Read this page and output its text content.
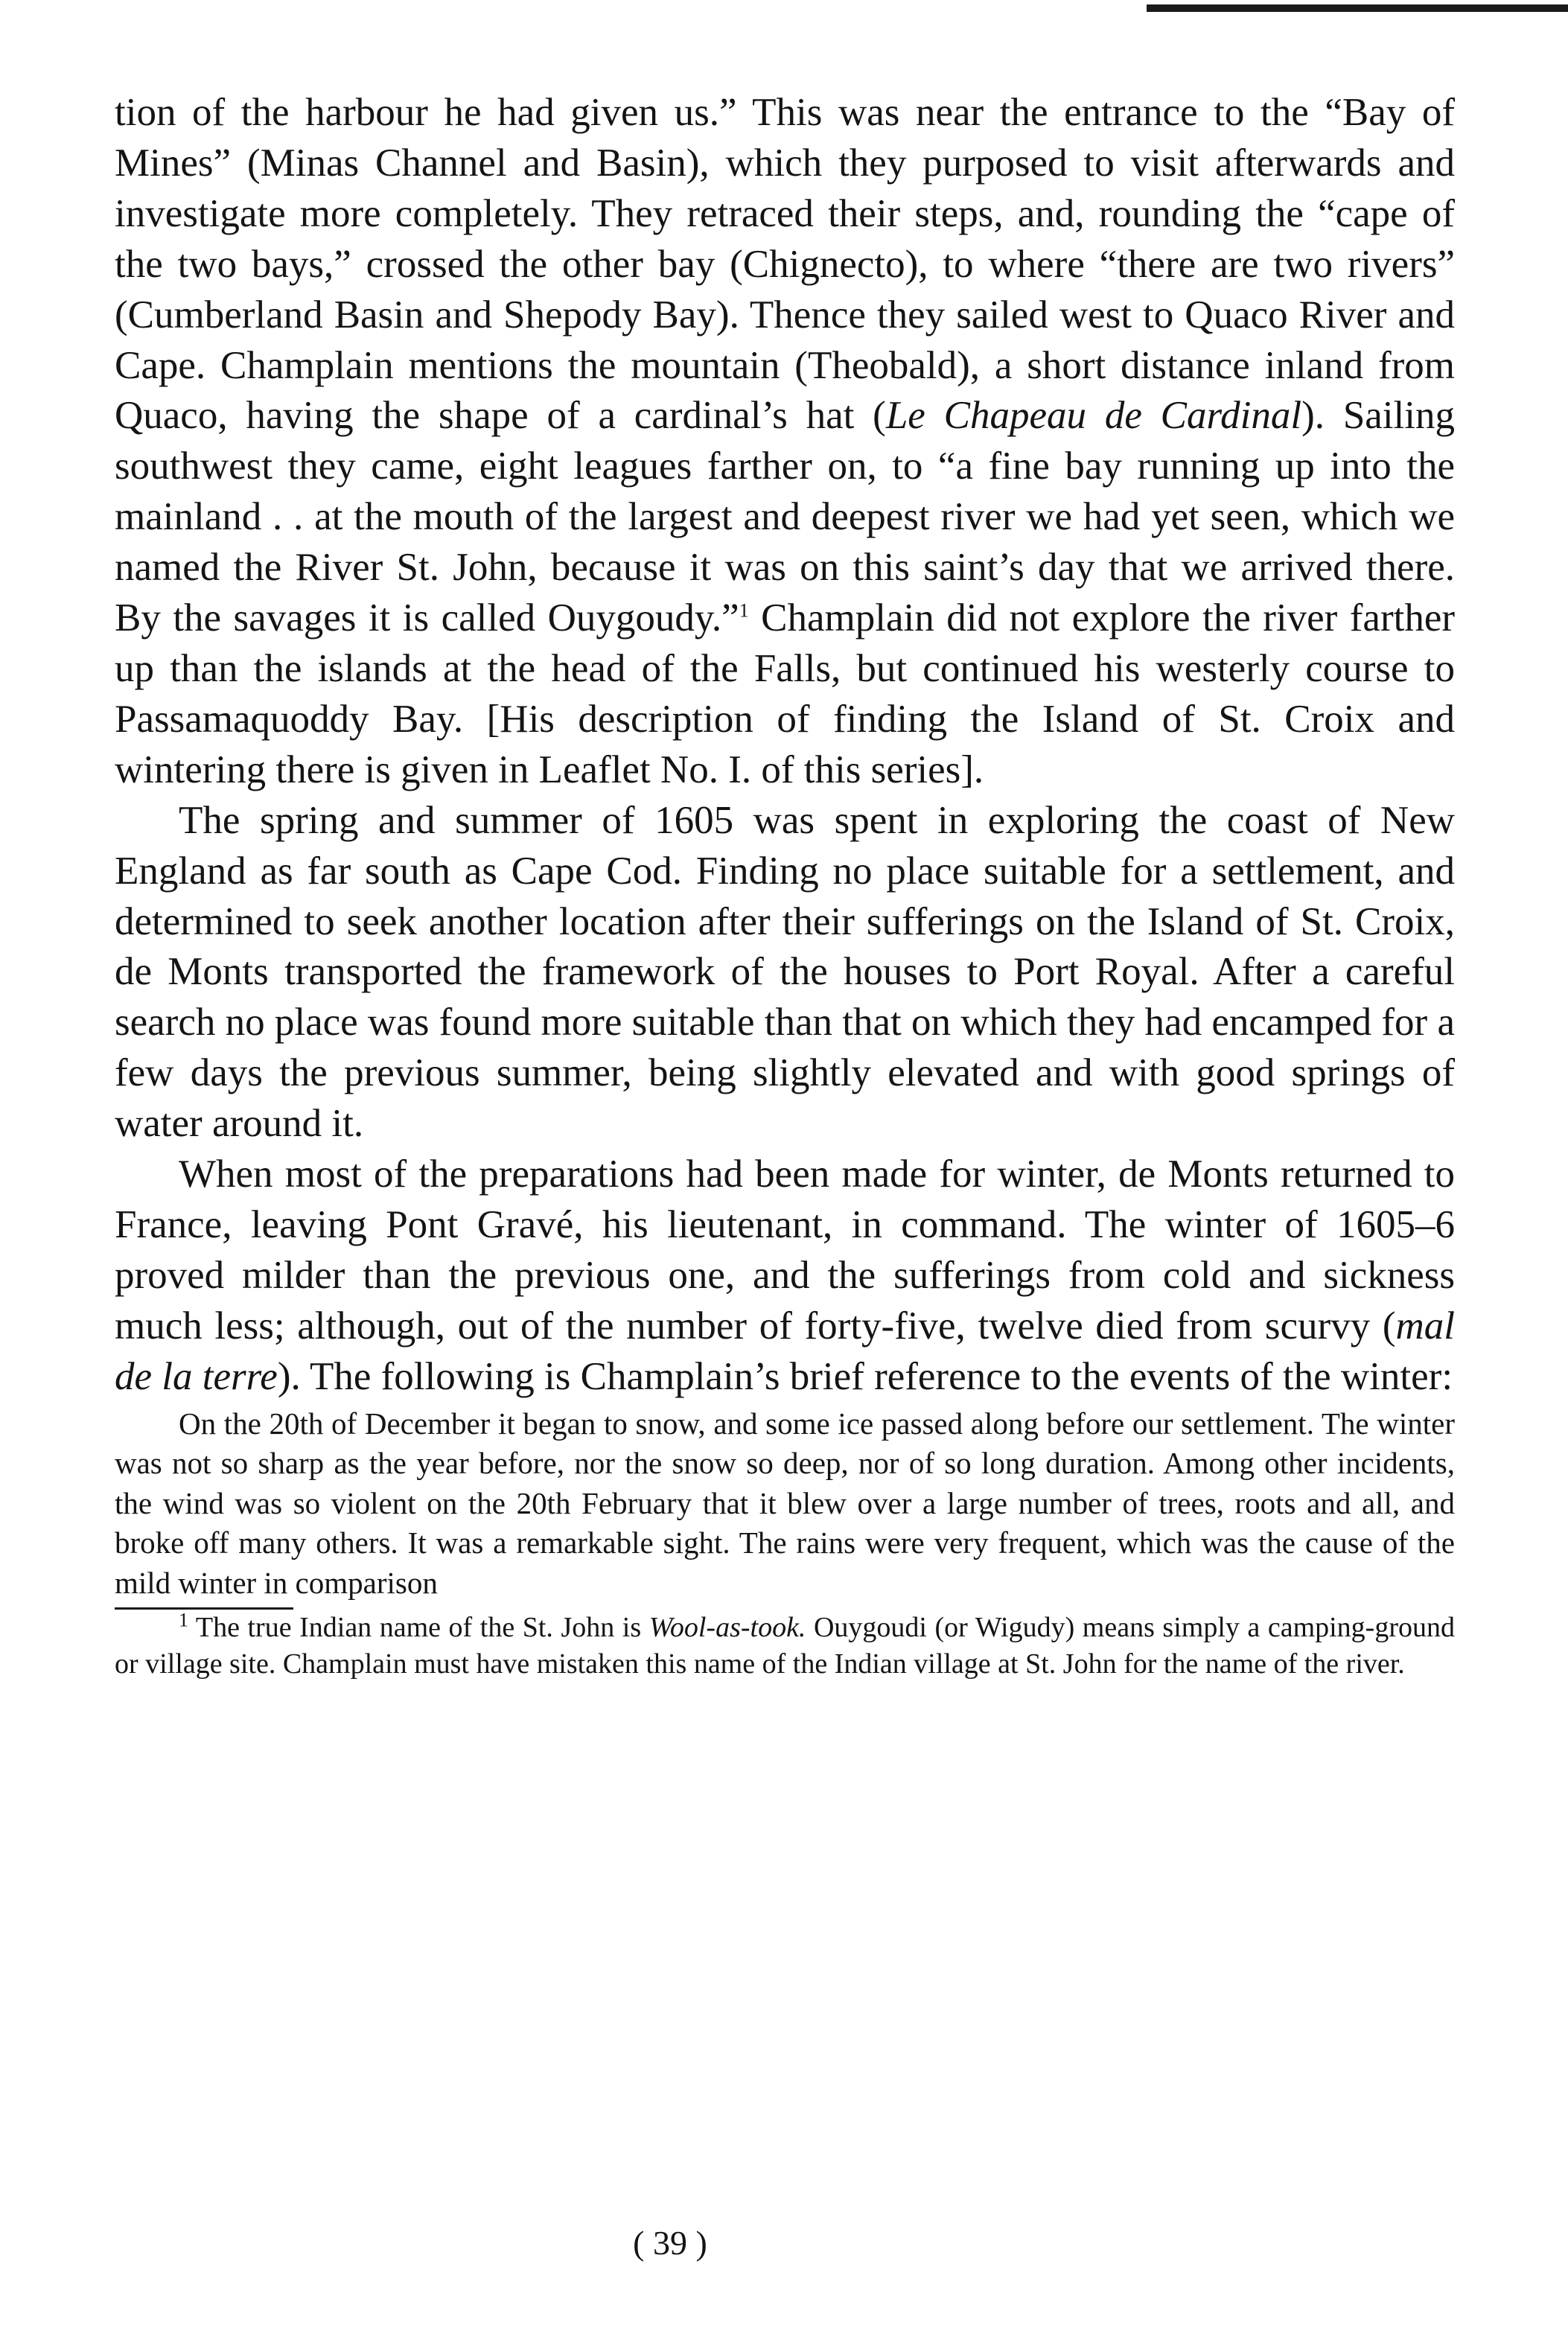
tion of the harbour he had given us.” This was near the entrance to the “Bay of Mines” (Minas Channel and Basin), which they purposed to visit afterwards and investigate more completely. They retraced their steps, and, rounding the “cape of the two bays,” crossed the other bay (Chignecto), to where “there are two rivers” (Cumberland Basin and Shepody Bay). Thence they sailed west to Quaco River and Cape. Champlain mentions the mountain (Theobald), a short distance inland from Quaco, having the shape of a cardinal’s hat (Le Chapeau de Cardinal). Sailing southwest they came, eight leagues farther on, to “a fine bay running up into the mainland . . at the mouth of the largest and deepest river we had yet seen, which we named the River St. John, because it was on this saint’s day that we arrived there. By the savages it is called Ouygoudy.”$^1$ Champlain did not explore the river farther up than the islands at the head of the Falls, but continued his westerly course to Passamaquoddy Bay. [His description of finding the Island of St. Croix and wintering there is given in Leaflet No. I. of this series].

The spring and summer of 1605 was spent in exploring the coast of New England as far south as Cape Cod. Finding no place suitable for a settlement, and determined to seek another location after their sufferings on the Island of St. Croix, de Monts transported the framework of the houses to Port Royal. After a careful search no place was found more suitable than that on which they had encamped for a few days the previous summer, being slightly elevated and with good springs of water around it.

When most of the preparations had been made for winter, de Monts returned to France, leaving Pont Gravé, his lieutenant, in command. The winter of 1605–6 proved milder than the previous one, and the sufferings from cold and sickness much less; although, out of the number of forty-five, twelve died from scurvy (mal de la terre). The following is Champlain’s brief reference to the events of the winter:

On the 20th of December it began to snow, and some ice passed along before our settlement. The winter was not so sharp as the year before, nor the snow so deep, nor of so long duration. Among other incidents, the wind was so violent on the 20th February that it blew over a large number of trees, roots and all, and broke off many others. It was a remarkable sight. The rains were very frequent, which was the cause of the mild winter in comparison

$^1$ The true Indian name of the St. John is Wool-as-took. Ouygoudi (or Wigudy) means simply a camping-ground or village site. Champlain must have mistaken this name of the Indian village at St. John for the name of the river.

( 39 )
